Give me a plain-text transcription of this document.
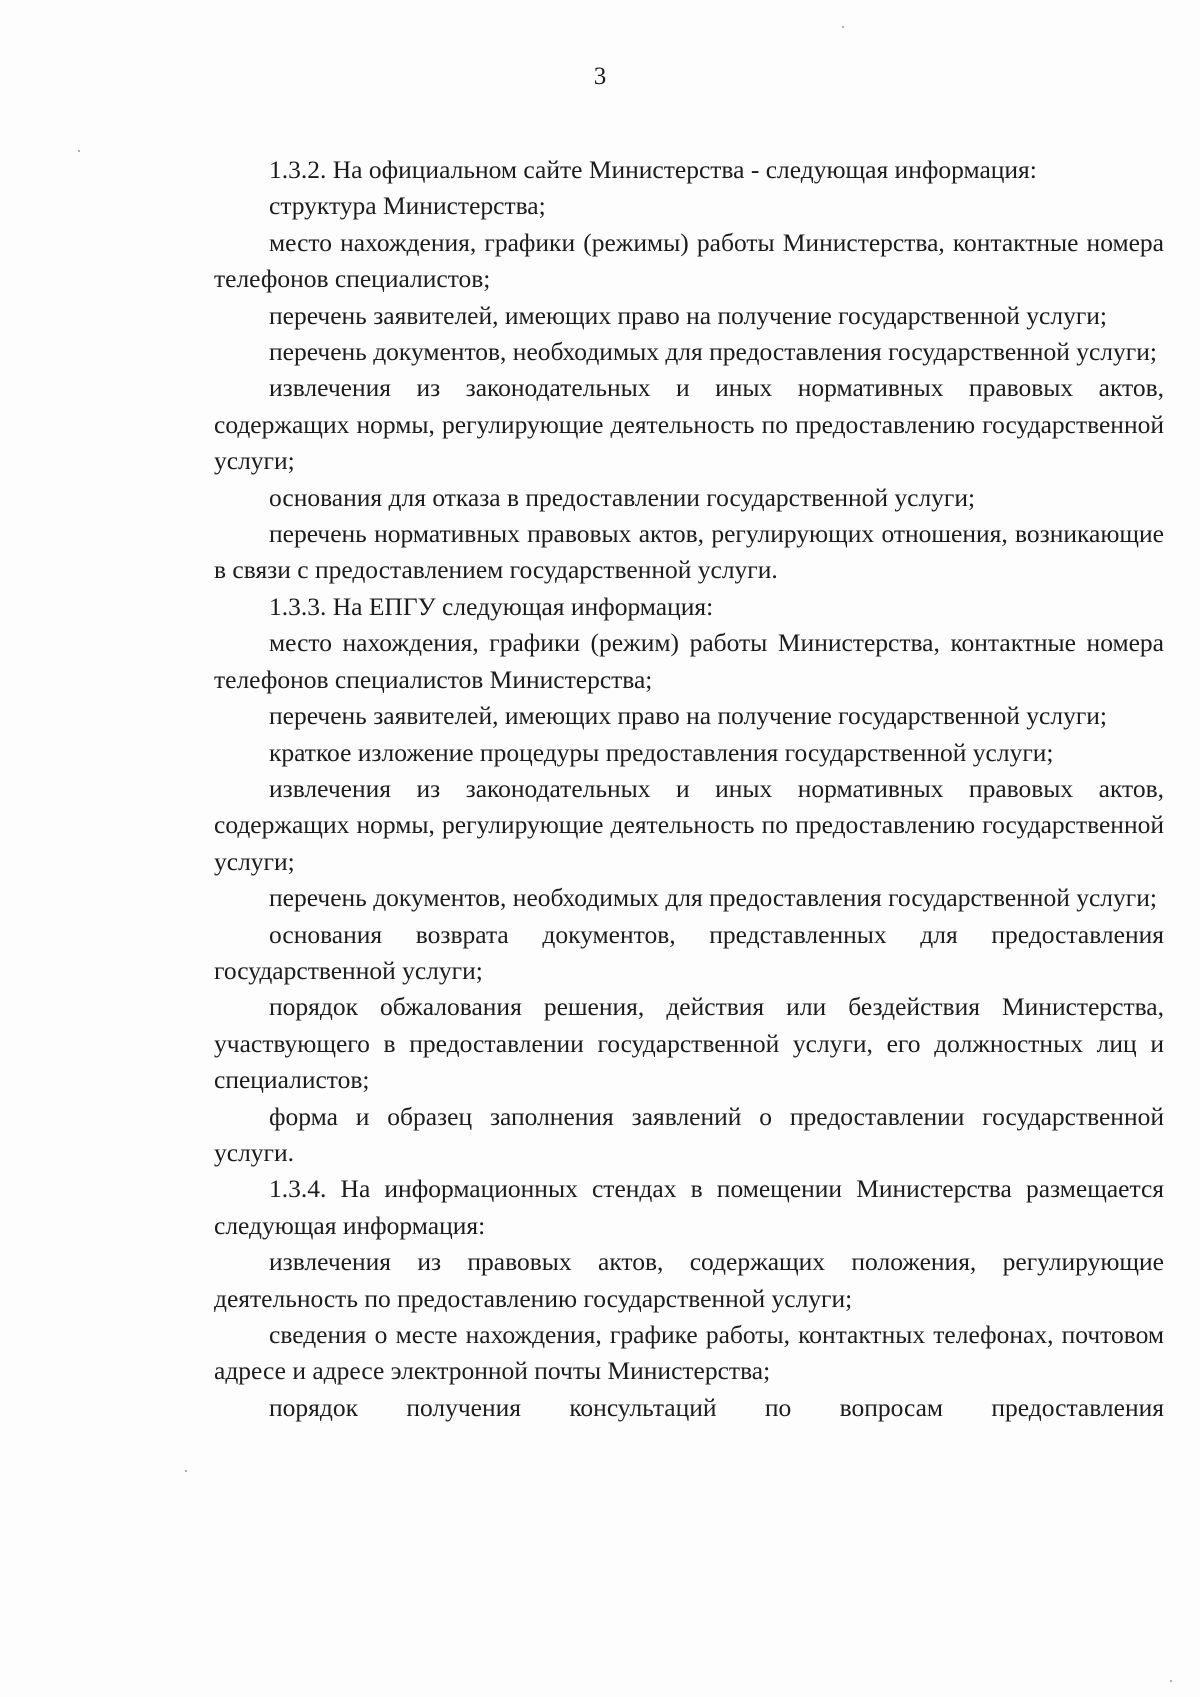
3

1.3.2. На официальном сайте Министерства - следующая информация:

структура Министерства;

место нахождения, графики (режимы) работы Министерства, контактные номера телефонов специалистов;

перечень заявителей, имеющих право на получение государственной услуги;

перечень документов, необходимых для предоставления государственной услуги;

извлечения из законодательных и иных нормативных правовых актов, содержащих нормы, регулирующие деятельность по предоставлению государственной услуги;

основания для отказа в предоставлении государственной услуги;

перечень нормативных правовых актов, регулирующих отношения, возникающие в связи с предоставлением государственной услуги.

1.3.3. На ЕПГУ следующая информация:

место нахождения, графики (режим) работы Министерства, контактные номера телефонов специалистов Министерства;

перечень заявителей, имеющих право на получение государственной услуги;

краткое изложение процедуры предоставления государственной услуги;

извлечения из законодательных и иных нормативных правовых актов, содержащих нормы, регулирующие деятельность по предоставлению государственной услуги;

перечень документов, необходимых для предоставления государственной услуги;

основания возврата документов, представленных для предоставления государственной услуги;

порядок обжалования решения, действия или бездействия Министерства, участвующего в предоставлении государственной услуги, его должностных лиц и специалистов;

форма и образец заполнения заявлений о предоставлении государственной услуги.

1.3.4. На информационных стендах в помещении Министерства размещается следующая информация:

извлечения из правовых актов, содержащих положения, регулирующие деятельность по предоставлению государственной услуги;

сведения о месте нахождения, графике работы, контактных телефонах, почтовом адресе и адресе электронной почты Министерства;

порядок получения консультаций по вопросам предоставления
